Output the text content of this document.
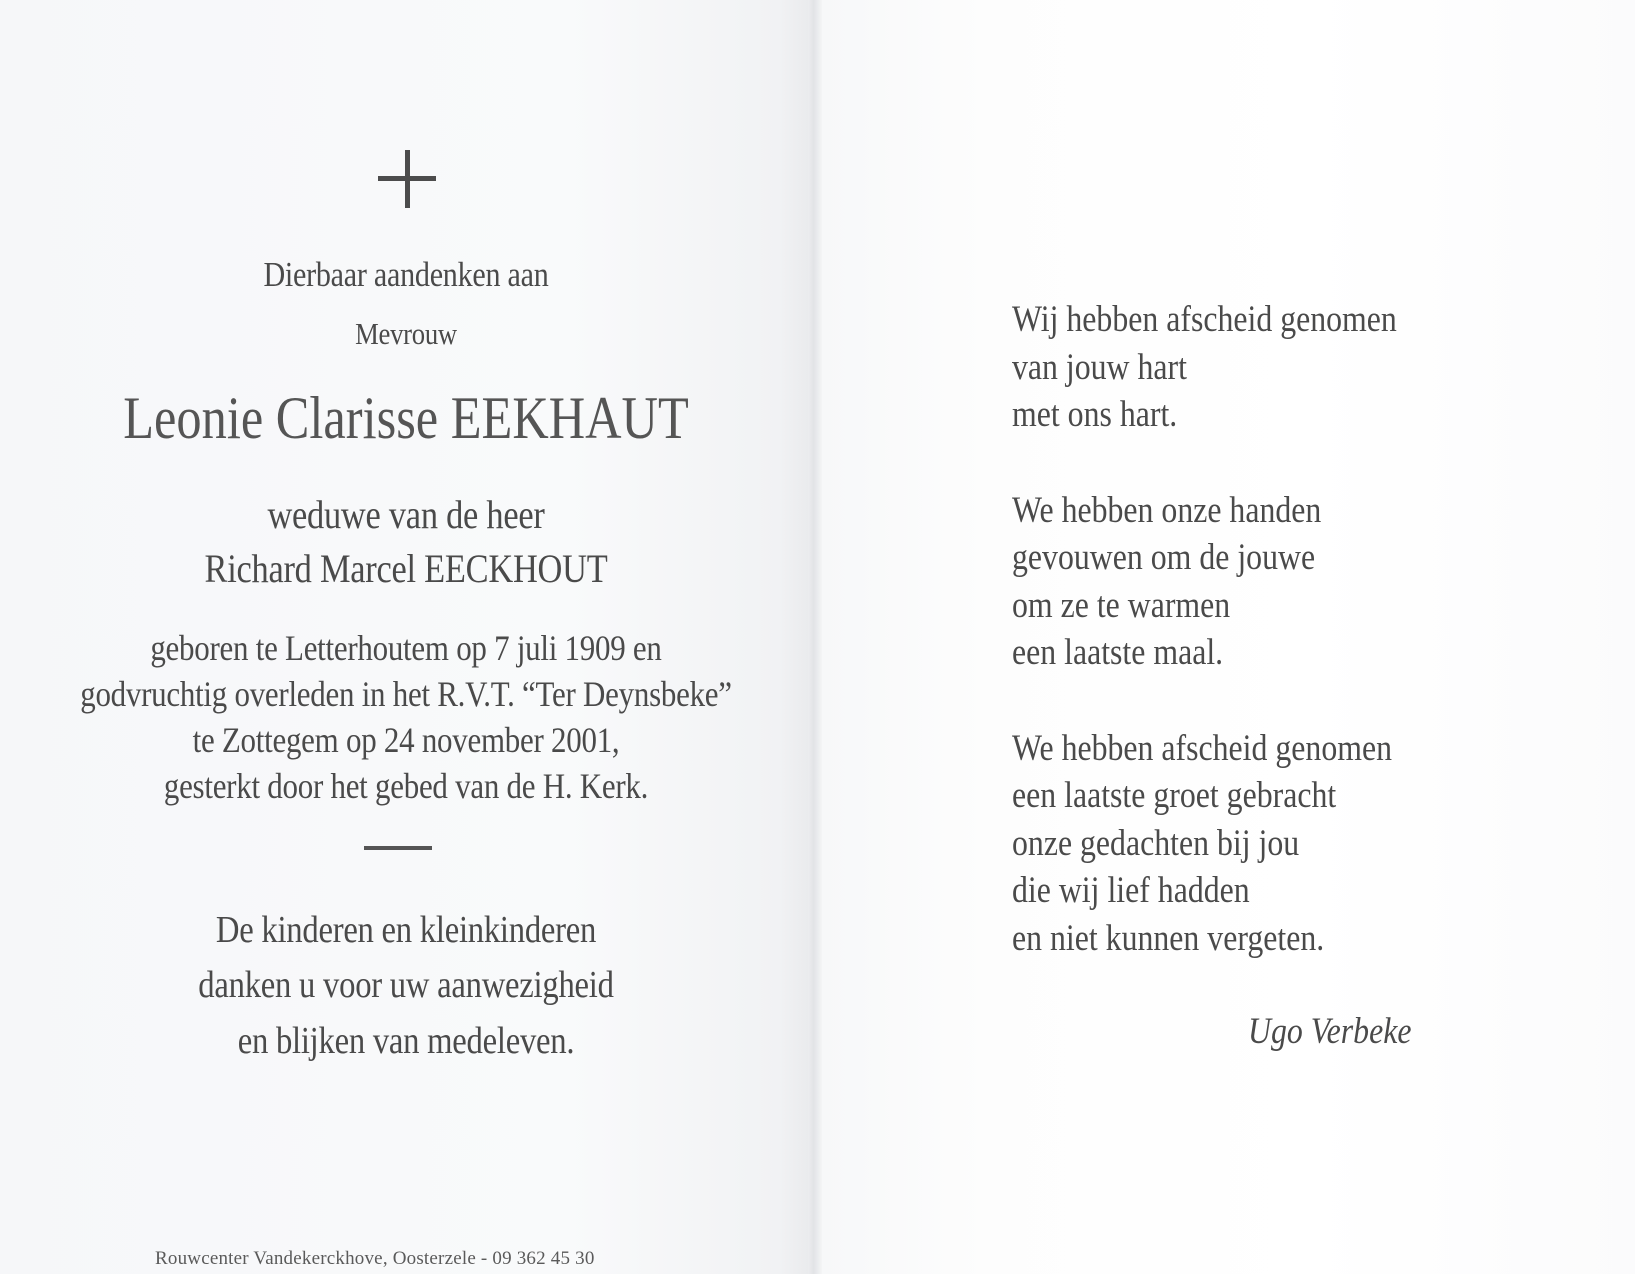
Dierbaar aandenken aan
Mevrouw
Leonie Clarisse EEKHAUT
weduwe van de heer
Richard Marcel EECKHOUT
geboren te Letterhoutem op 7 juli 1909 en
godvruchtig overleden in het R.V.T. “Ter Deynsbeke”
te Zottegem op 24 november 2001,
gesterkt door het gebed van de H. Kerk.
De kinderen en kleinkinderen
danken u voor uw aanwezigheid
en blijken van medeleven.
Rouwcenter Vandekerckhove, Oosterzele - 09 362 45 30
Wij hebben afscheid genomen
van jouw hart
met ons hart.
We hebben onze handen
gevouwen om de jouwe
om ze te warmen
een laatste maal.
We hebben afscheid genomen
een laatste groet gebracht
onze gedachten bij jou
die wij lief hadden
en niet kunnen vergeten.
Ugo Verbeke
